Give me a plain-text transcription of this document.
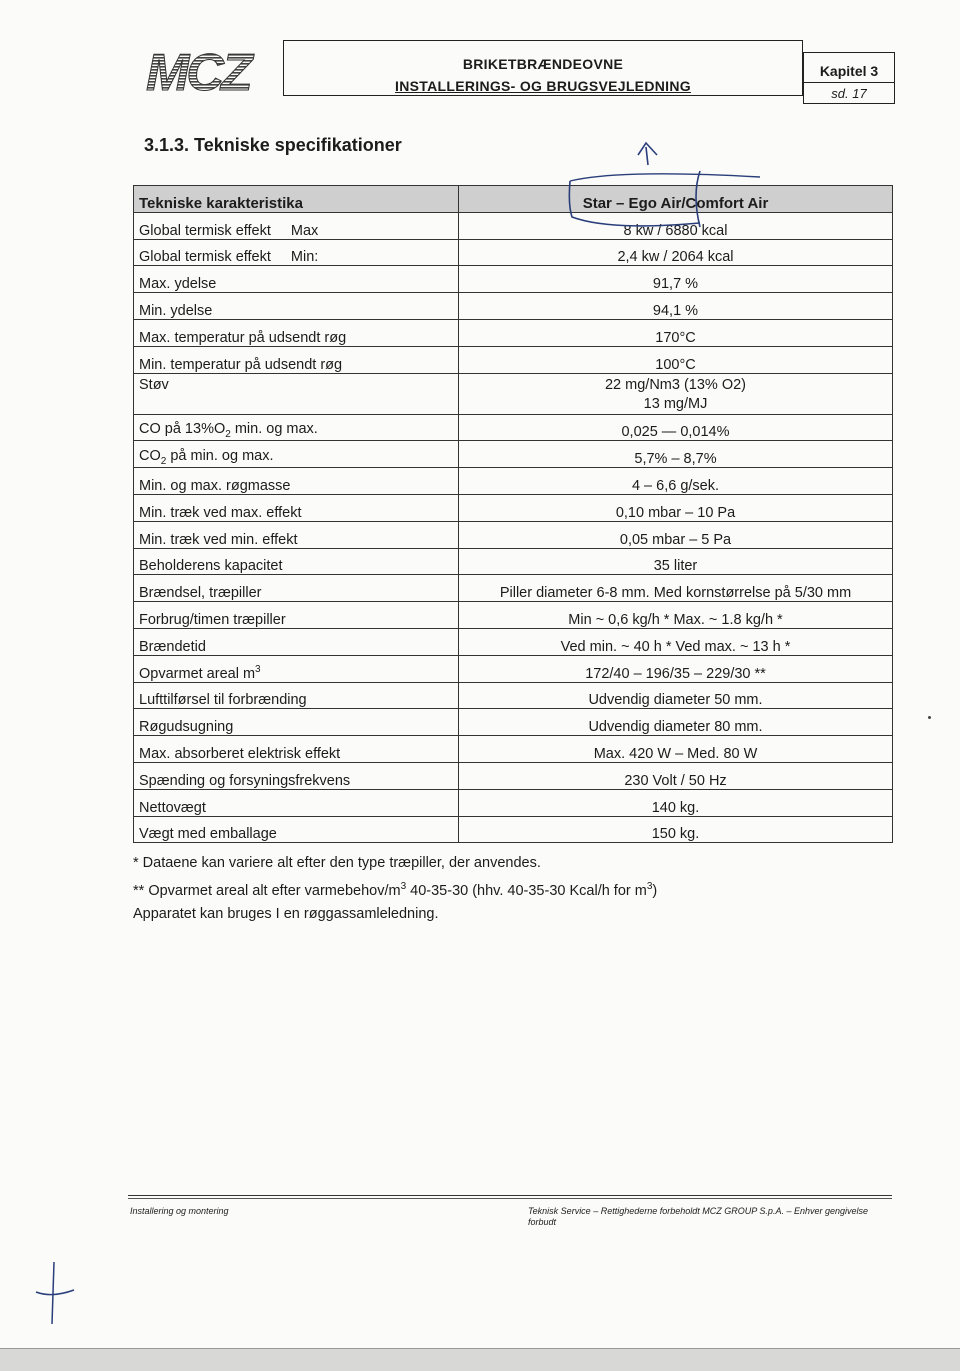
MCZ	BRIKETBRÆNDEOVNE
INSTALLERINGS- OG BRUGSVEJLEDNING
Kapitel 3
sd. 17
3.1.3. Tekniske specifikationer
Tekniske karakteristika	Star – Ego Air/Comfort Air
Global termisk effekt Max	8 kw / 6880 kcal
Global termisk effekt Min:	2,4 kw / 2064 kcal
Max. ydelse	91,7 %
Min. ydelse	94,1 %
Max. temperatur på udsendt røg	170°C
Min. temperatur på udsendt røg	100°C
Støv	22 mg/Nm3 (13% O2)
13 mg/MJ

CO på $13\%O_2$ min. og max.	0,025 — 0,014%
$CO_2$ på min. og max.	5,7% – 8,7%
Min. og max. røgmasse	4 – 6,6 g/sek.
Min. træk ved max. effekt	0,10 mbar – 10 Pa
Min. træk ved min. effekt	0,05 mbar – 5 Pa
Beholderens kapacitet	35 liter
Brændsel, træpiller	Piller diameter 6-8 mm. Med kornstørrelse på 5/30 mm
Forbrug/timen træpiller	Min ~ 0,6 kg/h * Max. ~ 1.8 kg/h *
Brændetid	Ved min. ~ 40 h * Ved max. ~ 13 h *
Opvarmet areal $m^3$	172/40 – 196/35 – 229/30 **
Lufttilførsel til forbrænding	Udvendig diameter 50 mm.
Røgudsugning	Udvendig diameter 80 mm.
Max. absorberet elektrisk effekt	Max. 420 W – Med. 80 W
Spænding og forsyningsfrekvens	230 Volt / 50 Hz
Nettovægt	140 kg.
Vægt med emballage	150 kg.
* Dataene kan variere alt efter den type træpiller, der anvendes.
** Opvarmet areal alt efter varmebehov/$m^3$ 40-35-30 (hhv. 40-35-30 Kcal/h for $m^3$)
Apparatet kan bruges I en røggassamleledning.
Installering og montering	Teknisk Service – Rettighederne forbeholdt MCZ GROUP S.p.A. – Enhver gengivelse forbudt
